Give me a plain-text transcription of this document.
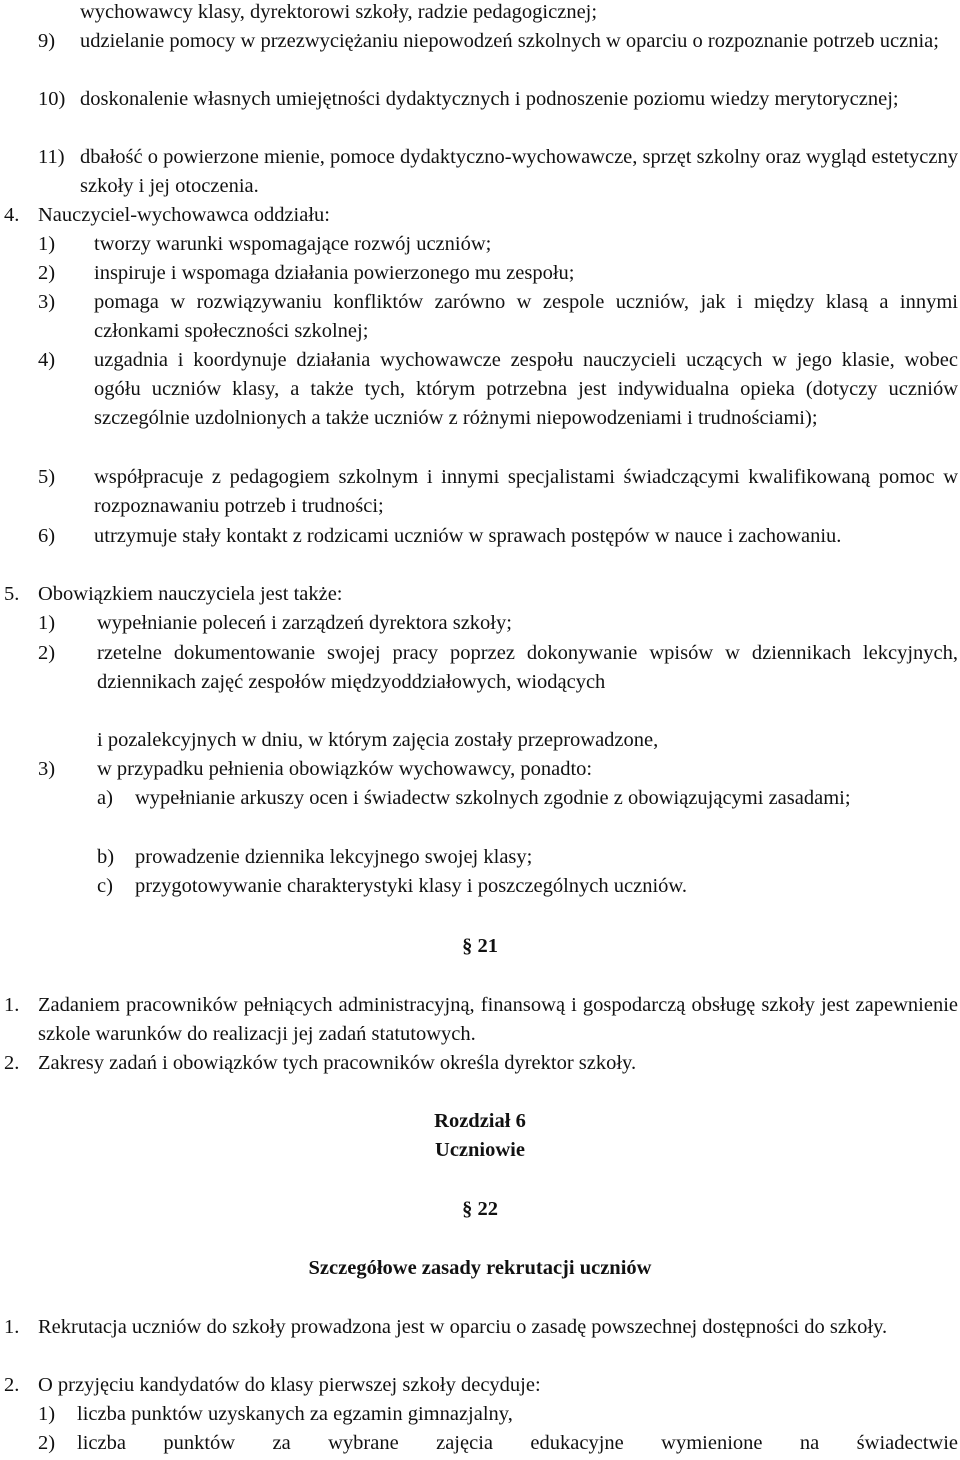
wychowawcy klasy, dyrektorowi szkoły, radzie pedagogicznej;

9) udzielanie pomocy w przezwyciężaniu niepowodzeń szkolnych w oparciu o rozpoznanie potrzeb ucznia;

10) doskonalenie własnych umiejętności dydaktycznych i podnoszenie poziomu wiedzy merytorycznej;

11) dbałość o powierzone mienie, pomoce dydaktyczno-wychowawcze, sprzęt szkolny oraz wygląd estetyczny szkoły i jej otoczenia.

4. Nauczyciel-wychowawca oddziału:

1) tworzy warunki wspomagające rozwój uczniów;

2) inspiruje i wspomaga działania powierzonego mu zespołu;

3) pomaga w rozwiązywaniu konfliktów zarówno w zespole uczniów, jak i między klasą a innymi członkami społeczności szkolnej;

4) uzgadnia i koordynuje działania wychowawcze zespołu nauczycieli uczących w jego klasie, wobec ogółu uczniów klasy, a także tych, którym potrzebna jest indywidualna opieka (dotyczy uczniów szczególnie uzdolnionych a także uczniów z różnymi niepowodzeniami i trudnościami);

5) współpracuje z pedagogiem szkolnym i innymi specjalistami świadczącymi kwalifikowaną pomoc w rozpoznawaniu potrzeb i trudności;

6) utrzymuje stały kontakt z rodzicami uczniów w sprawach postępów w nauce i zachowaniu.

5. Obowiązkiem nauczyciela jest także:

1) wypełnianie poleceń i zarządzeń dyrektora szkoły;

2) rzetelne dokumentowanie swojej pracy poprzez dokonywanie wpisów w dziennikach lekcyjnych, dziennikach zajęć zespołów międzyoddziałowych, wiodących

i pozalekcyjnych w dniu, w którym zajęcia zostały przeprowadzone,

3) w przypadku pełnienia obowiązków wychowawcy, ponadto:

a) wypełnianie arkuszy ocen i świadectw szkolnych zgodnie z obowiązującymi zasadami;

b) prowadzenie dziennika lekcyjnego swojej klasy;

c) przygotowywanie charakterystyki klasy i poszczególnych uczniów.

§ 21

1. Zadaniem pracowników pełniących administracyjną, finansową i gospodarczą obsługę szkoły jest zapewnienie szkole warunków do realizacji jej zadań statutowych.

2. Zakresy zadań i obowiązków tych pracowników określa dyrektor szkoły.

Rozdział 6

Uczniowie

§ 22

Szczegółowe zasady rekrutacji uczniów

1. Rekrutacja uczniów do szkoły prowadzona jest w oparciu o zasadę powszechnej dostępności do szkoły.

2. O przyjęciu kandydatów do klasy pierwszej szkoły decyduje:

1) liczba punktów uzyskanych za egzamin gimnazjalny,

2) liczba punktów za wybrane zajęcia edukacyjne wymienione na świadectwie
